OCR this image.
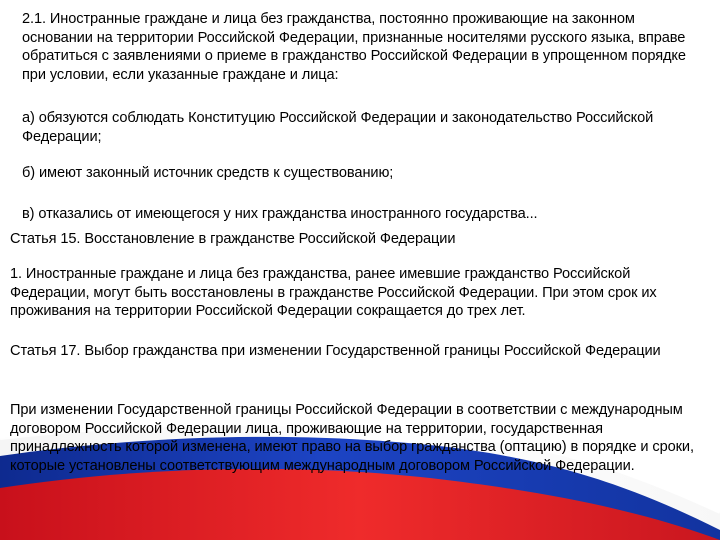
2.1. Иностранные граждане и лица без гражданства, постоянно проживающие на законном основании на территории Российской Федерации, признанные носителями русского языка, вправе обратиться с заявлениями о приеме в гражданство Российской Федерации в упрощенном порядке при условии, если указанные граждане и лица:

а) обязуются соблюдать Конституцию Российской Федерации и законодательство Российской Федерации;

б) имеют законный источник средств к существованию;

в) отказались от имеющегося у них гражданства иностранного государства...

Статья 15. Восстановление в гражданстве Российской Федерации

1. Иностранные граждане и лица без гражданства, ранее имевшие гражданство Российской Федерации, могут быть восстановлены в гражданстве Российской Федерации. При этом срок их проживания на территории Российской Федерации сокращается до трех лет.

Статья 17. Выбор гражданства при изменении Государственной границы Российской Федерации

При изменении Государственной границы Российской Федерации в соответствии с международным договором Российской Федерации лица, проживающие на территории, государственная принадлежность которой изменена, имеют право на выбор гражданства (оптацию) в порядке и сроки, которые установлены соответствующим международным договором Российской Федерации.
